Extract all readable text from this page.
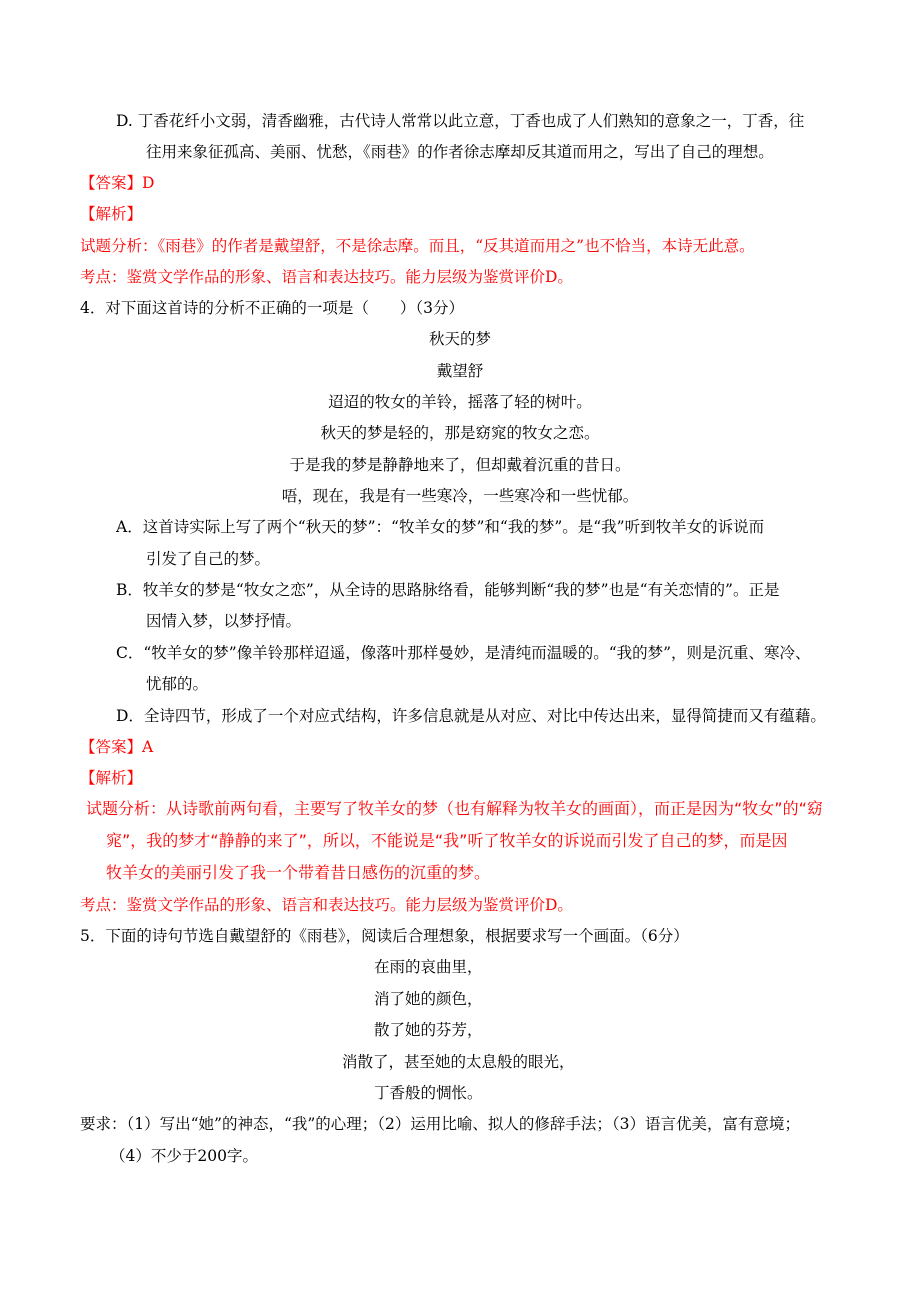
D. 丁香花纤小文弱，清香幽雅，古代诗人常常以此立意，丁香也成了人们熟知的意象之一，丁香，往
往用来象征孤高、美丽、忧愁，《雨巷》的作者徐志摩却反其道而用之，写出了自己的理想。
【答案】D
【解析】
试题分析：《雨巷》的作者是戴望舒，不是徐志摩。而且，“反其道而用之”也不恰当，本诗无此意。
考点：鉴赏文学作品的形象、语言和表达技巧。能力层级为鉴赏评价D。
4．对下面这首诗的分析不正确的一项是（　　）（3分）
秋天的梦
戴望舒
迢迢的牧女的羊铃，摇落了轻的树叶。
秋天的梦是轻的，那是窈窕的牧女之恋。
于是我的梦是静静地来了，但却戴着沉重的昔日。
唔，现在，我是有一些寒冷，一些寒冷和一些忧郁。
A．这首诗实际上写了两个“秋天的梦”：“牧羊女的梦”和“我的梦”。是“我”听到牧羊女的诉说而
引发了自己的梦。
B．牧羊女的梦是“牧女之恋”，从全诗的思路脉络看，能够判断“我的梦”也是“有关恋情的”。正是
因情入梦，以梦抒情。
C．“牧羊女的梦”像羊铃那样迢遥，像落叶那样曼妙，是清纯而温暖的。“我的梦”，则是沉重、寒冷、
忧郁的。
D．全诗四节，形成了一个对应式结构，许多信息就是从对应、对比中传达出来，显得简捷而又有蕴藉。
【答案】A
【解析】
试题分析：从诗歌前两句看，主要写了牧羊女的梦（也有解释为牧羊女的画面），而正是因为“牧女”的“窈
窕”，我的梦才“静静的来了”，所以，不能说是“我”听了牧羊女的诉说而引发了自己的梦，而是因
牧羊女的美丽引发了我一个带着昔日感伤的沉重的梦。
考点：鉴赏文学作品的形象、语言和表达技巧。能力层级为鉴赏评价D。
5．下面的诗句节选自戴望舒的《雨巷》，阅读后合理想象，根据要求写一个画面。（6分）
在雨的哀曲里，
消了她的颜色，
散了她的芬芳，
消散了，甚至她的太息般的眼光，
丁香般的惆怅。
要求：（1）写出“她”的神态，“我”的心理；（2）运用比喻、拟人的修辞手法；（3）语言优美，富有意境；
（4）不少于200字。
